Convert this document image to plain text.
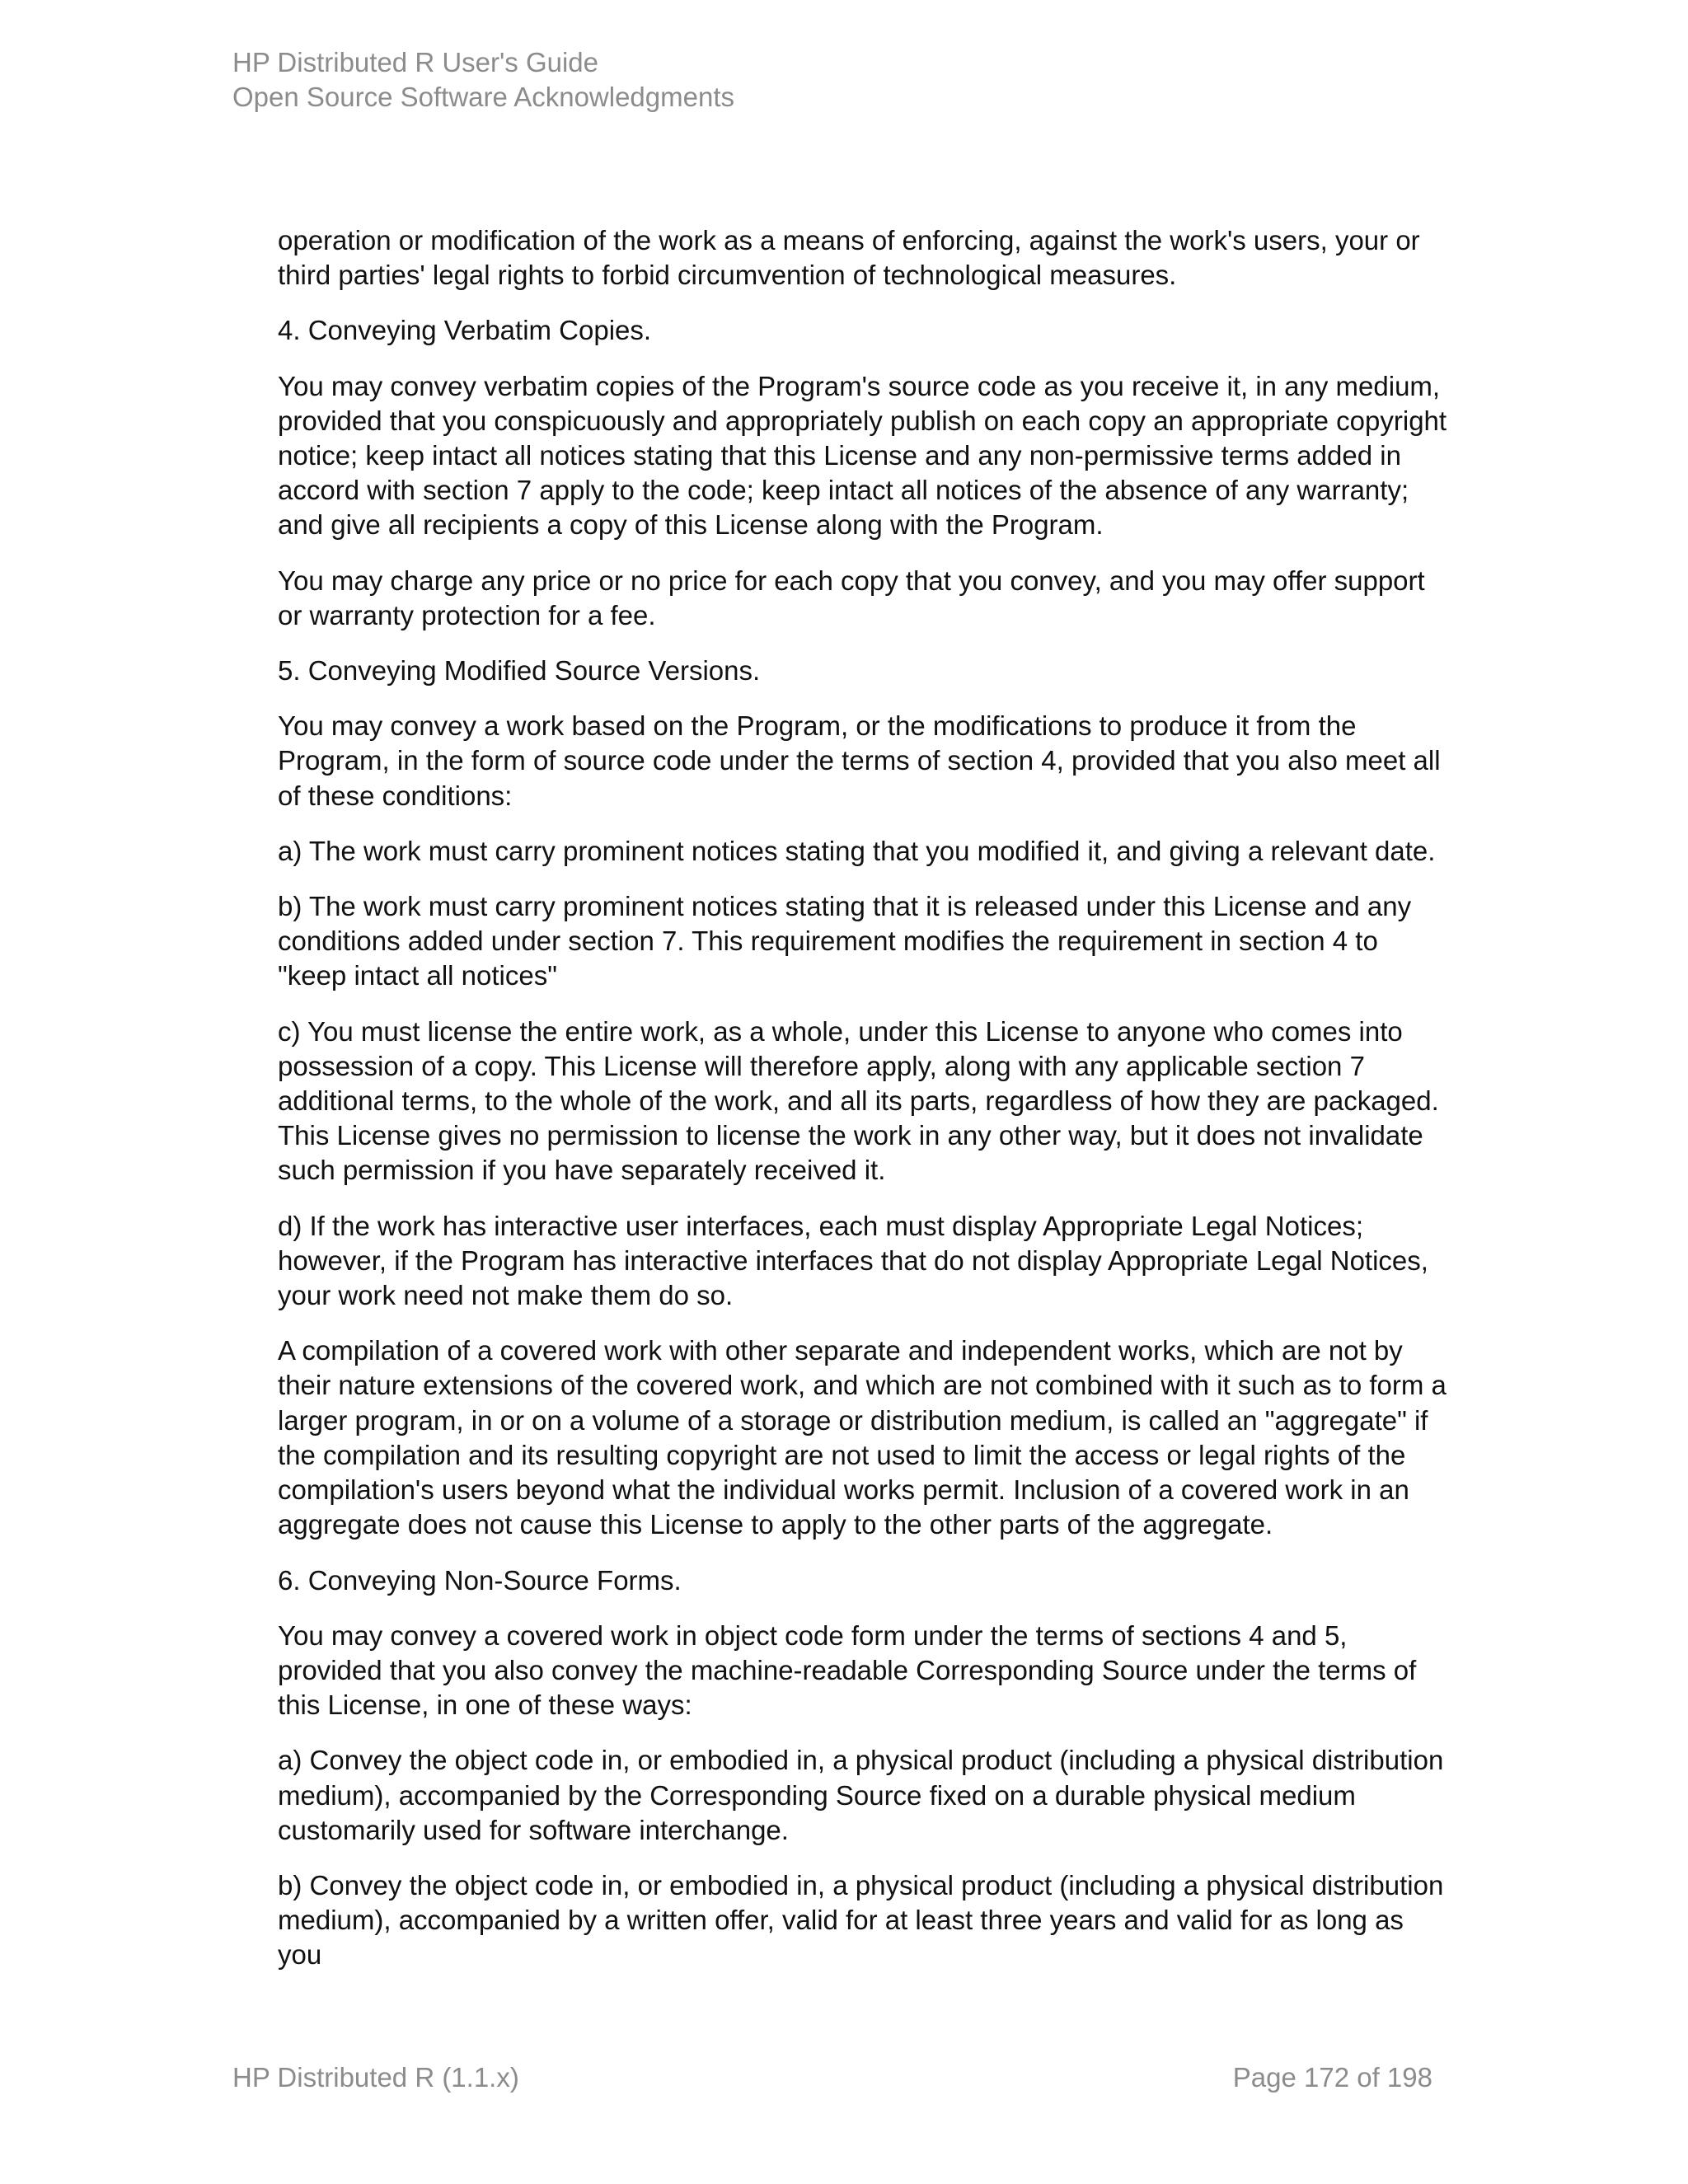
HP Distributed R User's Guide
Open Source Software Acknowledgments

operation or modification of the work as a means of enforcing, against the work's users, your or third parties' legal rights to forbid circumvention of technological measures.

4. Conveying Verbatim Copies.

You may convey verbatim copies of the Program's source code as you receive it, in any medium, provided that you conspicuously and appropriately publish on each copy an appropriate copyright notice; keep intact all notices stating that this License and any non-permissive terms added in accord with section 7 apply to the code; keep intact all notices of the absence of any warranty; and give all recipients a copy of this License along with the Program.

You may charge any price or no price for each copy that you convey, and you may offer support or warranty protection for a fee.

5. Conveying Modified Source Versions.

You may convey a work based on the Program, or the modifications to produce it from the Program, in the form of source code under the terms of section 4, provided that you also meet all of these conditions:

a) The work must carry prominent notices stating that you modified it, and giving a relevant date.

b) The work must carry prominent notices stating that it is released under this License and any conditions added under section 7. This requirement modifies the requirement in section 4 to "keep intact all notices"

c) You must license the entire work, as a whole, under this License to anyone who comes into possession of a copy. This License will therefore apply, along with any applicable section 7 additional terms, to the whole of the work, and all its parts, regardless of how they are packaged. This License gives no permission to license the work in any other way, but it does not invalidate such permission if you have separately received it.

d) If the work has interactive user interfaces, each must display Appropriate Legal Notices; however, if the Program has interactive interfaces that do not display Appropriate Legal Notices, your work need not make them do so.

A compilation of a covered work with other separate and independent works, which are not by their nature extensions of the covered work, and which are not combined with it such as to form a larger program, in or on a volume of a storage or distribution medium, is called an "aggregate" if the compilation and its resulting copyright are not used to limit the access or legal rights of the compilation's users beyond what the individual works permit. Inclusion of a covered work in an aggregate does not cause this License to apply to the other parts of the aggregate.

6. Conveying Non-Source Forms.

You may convey a covered work in object code form under the terms of sections 4 and 5, provided that you also convey the machine-readable Corresponding Source under the terms of this License, in one of these ways:

a) Convey the object code in, or embodied in, a physical product (including a physical distribution medium), accompanied by the Corresponding Source fixed on a durable physical medium customarily used for software interchange.

b) Convey the object code in, or embodied in, a physical product (including a physical distribution medium), accompanied by a written offer, valid for at least three years and valid for as long as you

HP Distributed R (1.1.x)	Page 172 of 198
